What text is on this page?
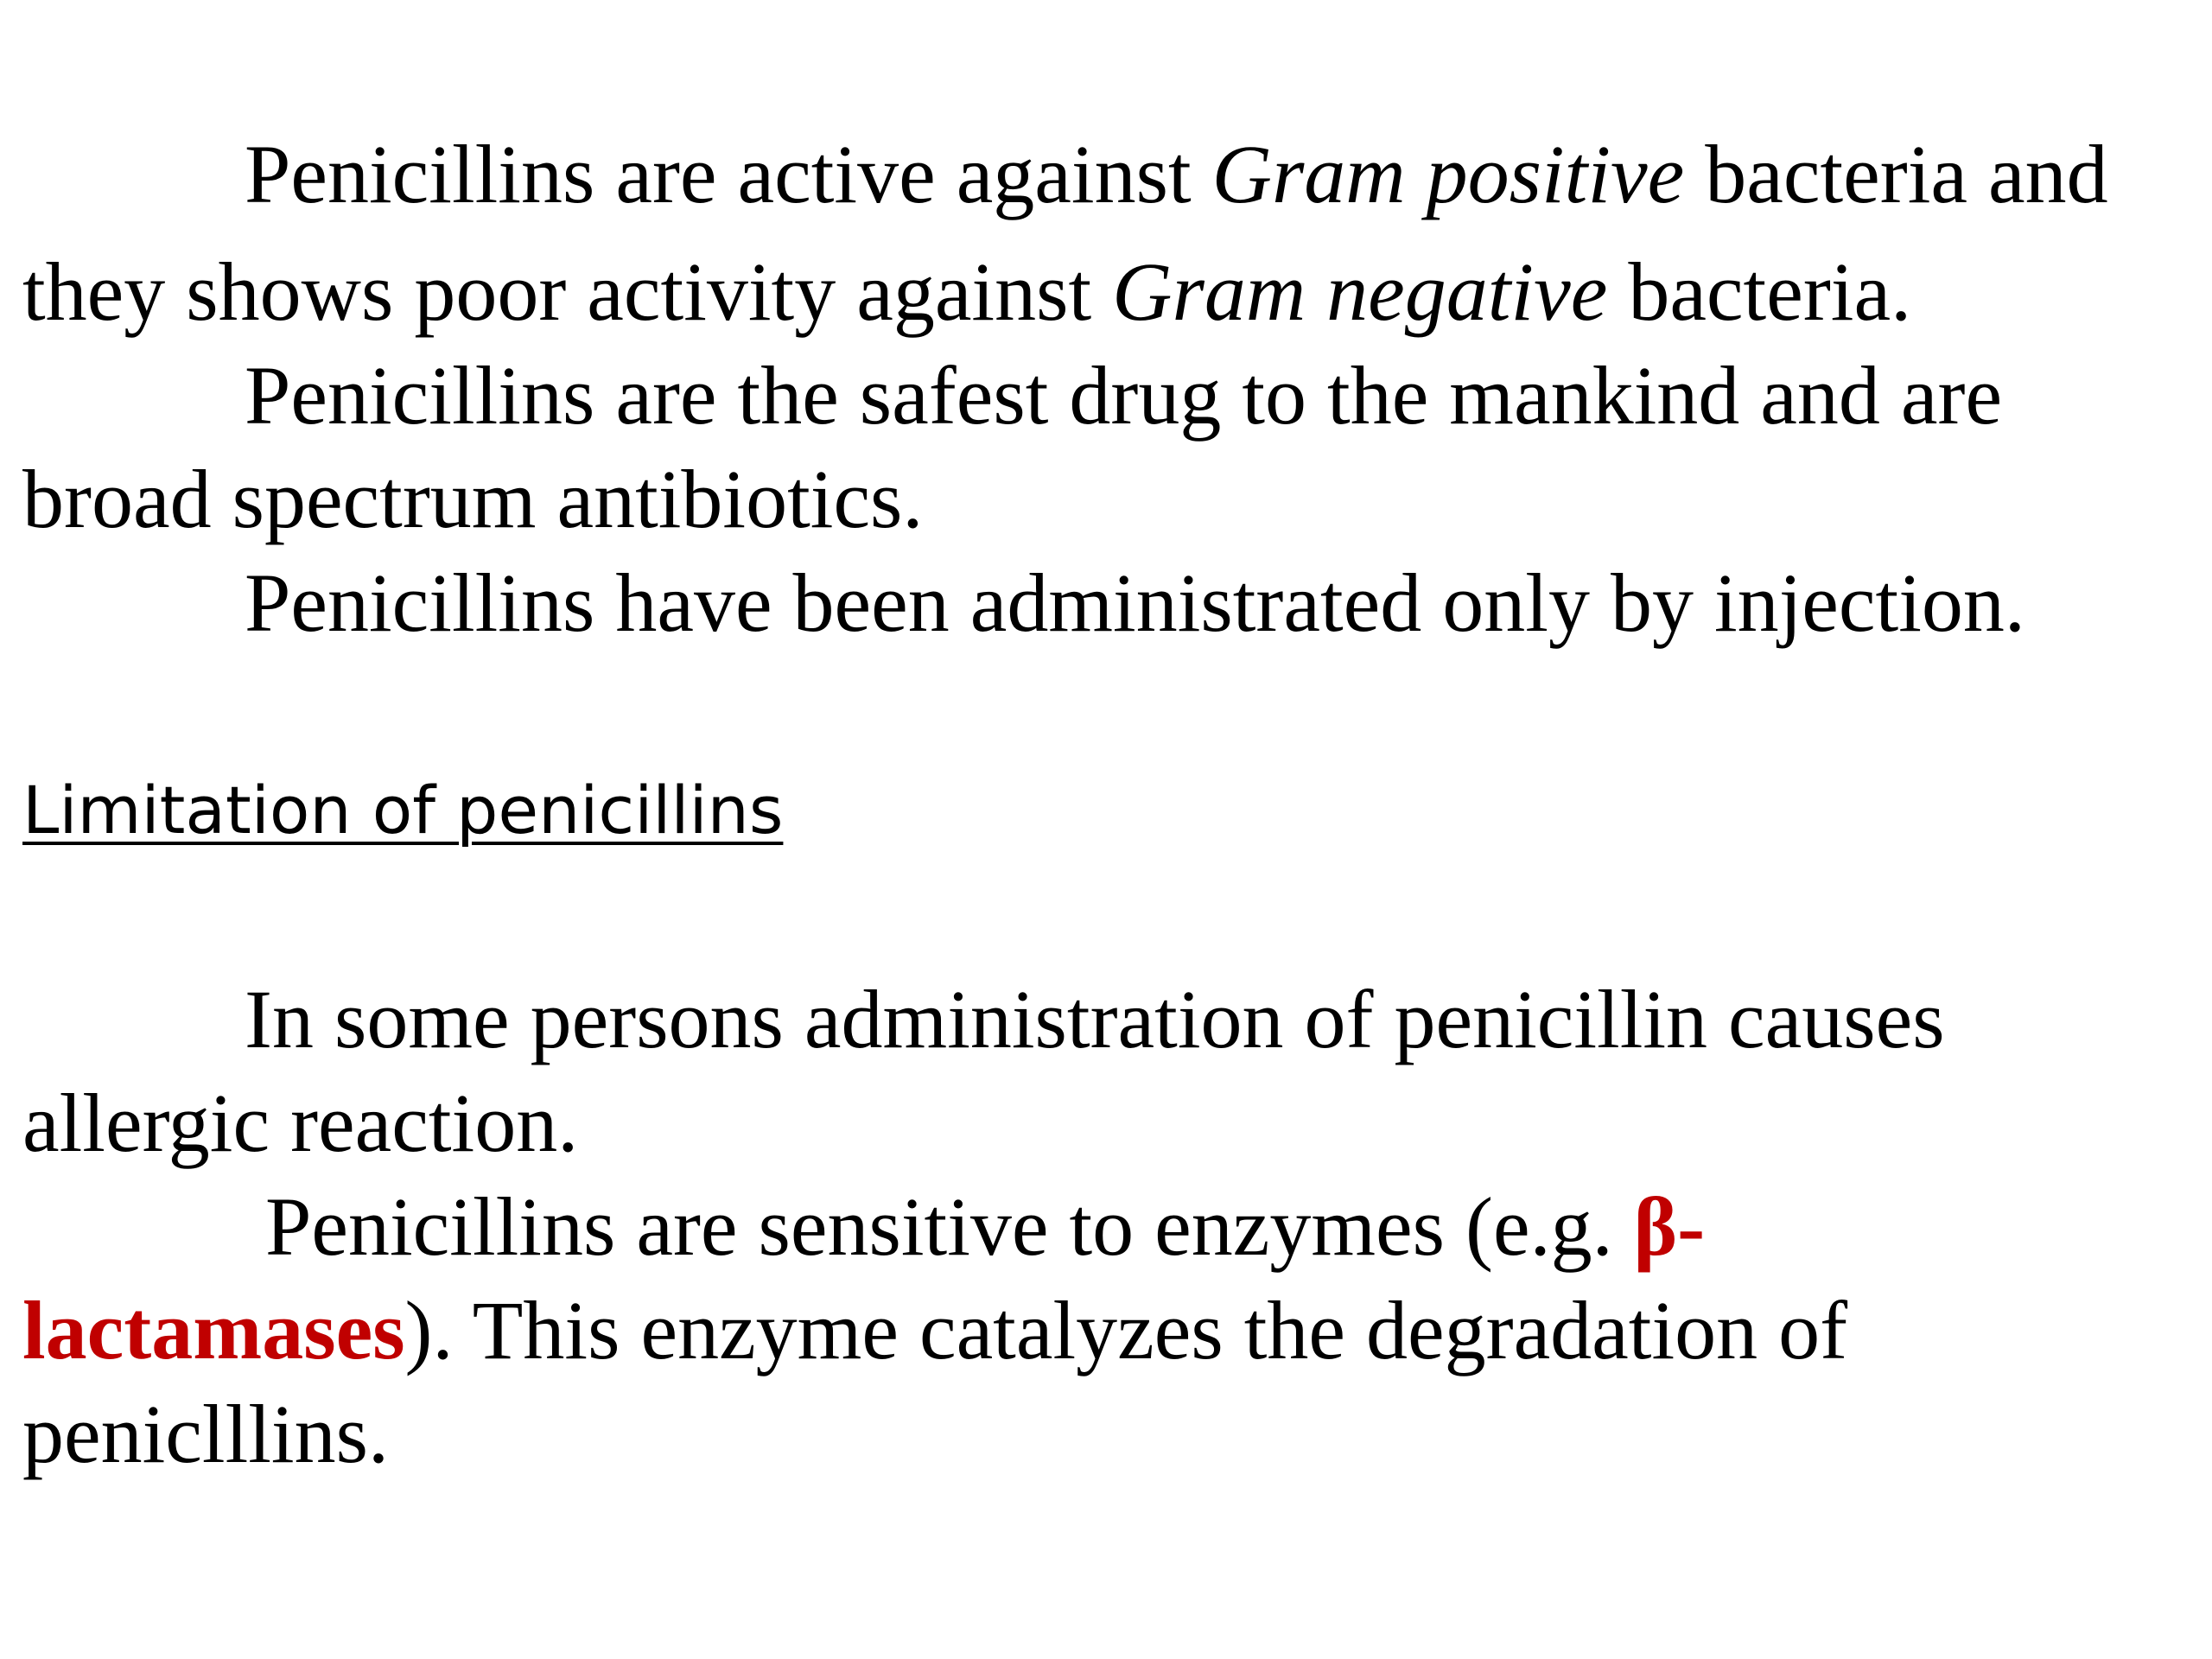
Penicillins are active against Gram positive bacteria and
they shows poor activity against Gram negative bacteria.
Penicillins are the safest drug to the mankind and are
broad spectrum antibiotics.
Penicillins have been administrated only by injection.
Limitation of penicillins
In some persons administration of penicillin causes
allergic reaction.
Penicillins are sensitive to enzymes (e.g. β-
lactamases). This enzyme catalyzes the degradation of
peniclllins.
